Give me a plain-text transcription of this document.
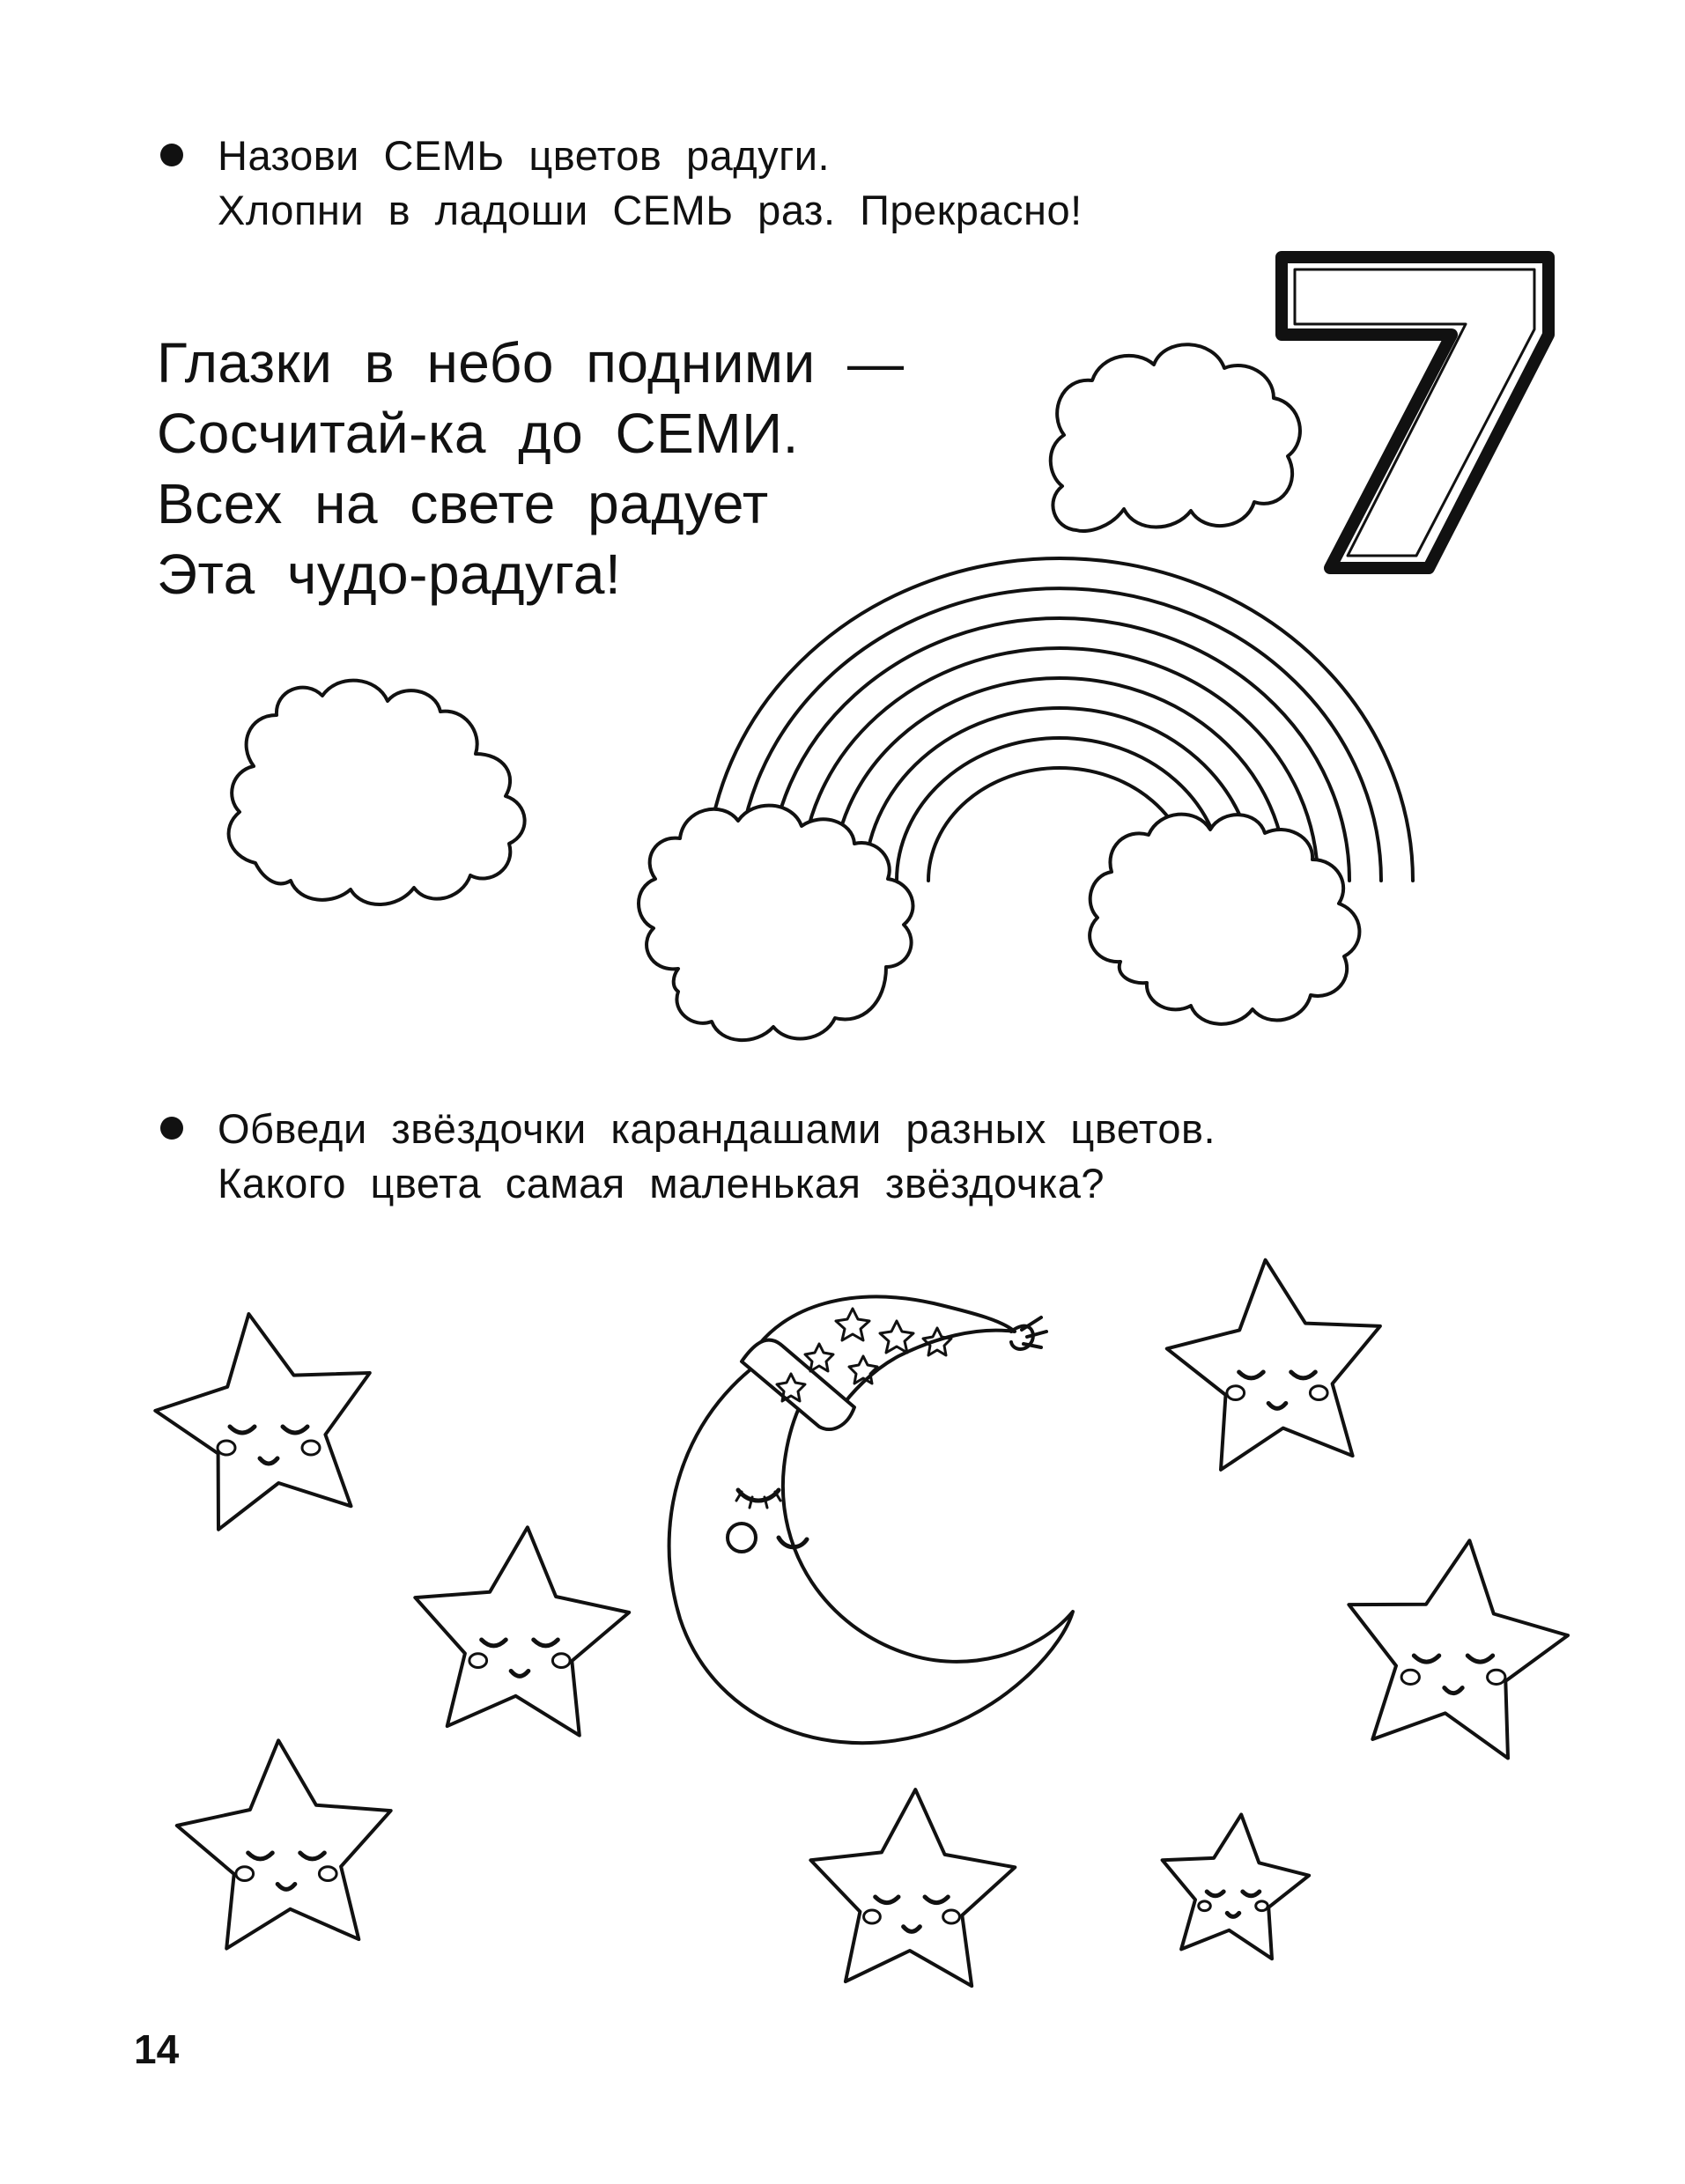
Назови СЕМЬ цветов радуги.
Хлопни в ладоши СЕМЬ раз. Прекрасно!
Глазки в небо подними —
Сосчитай-ка до СЕМИ.
Всех на свете радует
Эта чудо-радуга!
Обведи звёздочки карандашами разных цветов.
Какого цвета самая маленькая звёздочка?
14
